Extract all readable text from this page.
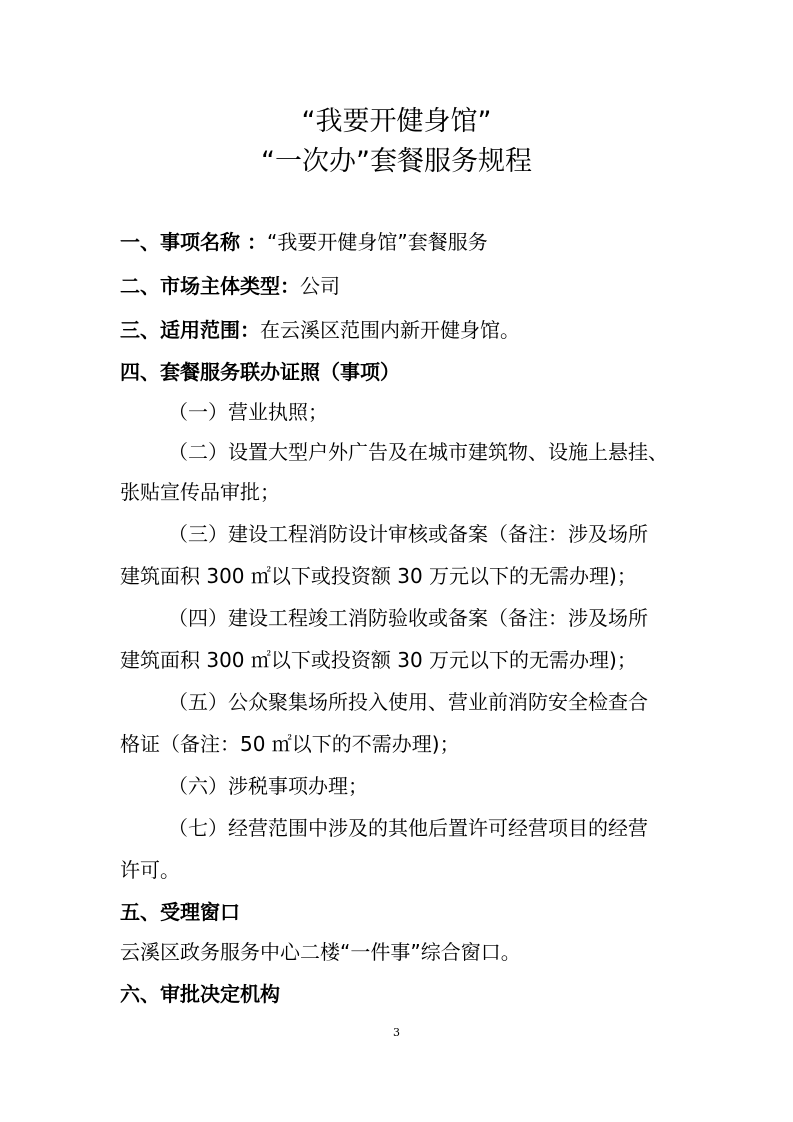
“我要开健身馆”
“一次办”套餐服务规程
一、事项名称 ：“我要开健身馆”套餐服务
二、市场主体类型：公司
三、适用范围：在云溪区范围内新开健身馆。
四、套餐服务联办证照（事项）
（一）营业执照；
（二）设置大型户外广告及在城市建筑物、设施上悬挂、
张贴宣传品审批；
（三）建设工程消防设计审核或备案（备注：涉及场所
建筑面积 300 ㎡以下或投资额 30 万元以下的无需办理)；
（四）建设工程竣工消防验收或备案（备注：涉及场所
建筑面积 300 ㎡以下或投资额 30 万元以下的无需办理)；
（五）公众聚集场所投入使用、营业前消防安全检查合
格证（备注：50 ㎡以下的不需办理)；
（六）涉税事项办理；
（七）经营范围中涉及的其他后置许可经营项目的经营
许可。
五、受理窗口
云溪区政务服务中心二楼“一件事”综合窗口。
六、审批决定机构
3
